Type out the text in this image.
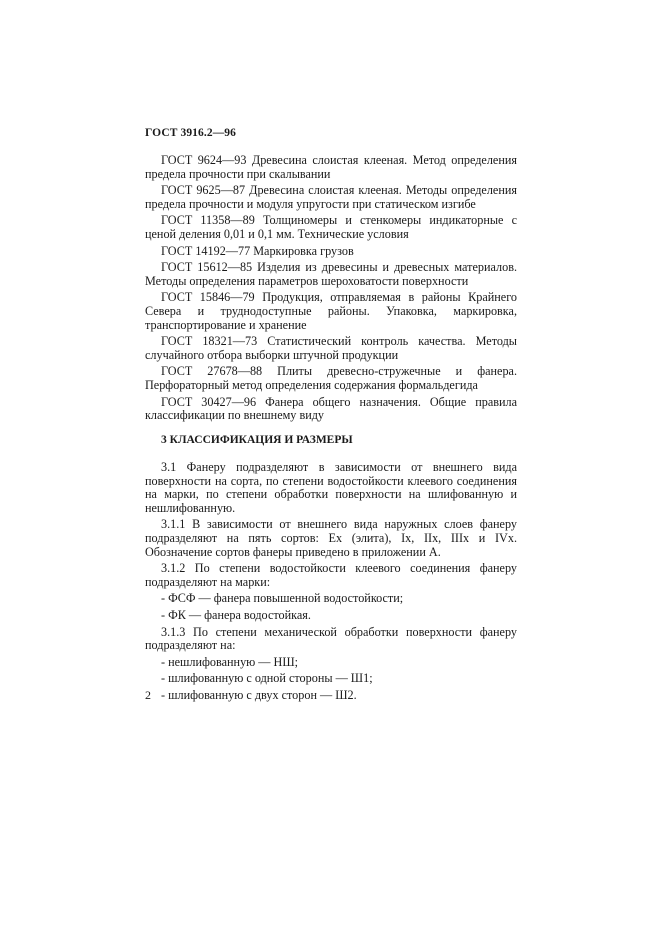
ГОСТ 3916.2—96

ГОСТ 9624—93 Древесина слоистая клееная. Метод определения предела прочности при скалывании

ГОСТ 9625—87 Древесина слоистая клееная. Методы определения предела прочности и модуля упругости при статическом изгибе

ГОСТ 11358—89 Толщиномеры и стенкомеры индикаторные с ценой деления 0,01 и 0,1 мм. Технические условия

ГОСТ 14192—77 Маркировка грузов

ГОСТ 15612—85 Изделия из древесины и древесных материалов. Методы определения параметров шероховатости поверхности

ГОСТ 15846—79 Продукция, отправляемая в районы Крайнего Севера и труднодоступные районы. Упаковка, маркировка, транспортирование и хранение

ГОСТ 18321—73 Статистический контроль качества. Методы случайного отбора выборки штучной продукции

ГОСТ 27678—88 Плиты древесно-стружечные и фанера. Перфораторный метод определения содержания формальдегида

ГОСТ 30427—96 Фанера общего назначения. Общие правила классификации по внешнему виду

3 КЛАССИФИКАЦИЯ И РАЗМЕРЫ

3.1 Фанеру подразделяют в зависимости от внешнего вида поверхности на сорта, по степени водостойкости клеевого соединения на марки, по степени обработки поверхности на шлифованную и нешлифованную.

3.1.1 В зависимости от внешнего вида наружных слоев фанеру подразделяют на пять сортов: Ех (элита), Iх, IIх, IIIх и IVх. Обозначение сортов фанеры приведено в приложении А.

3.1.2 По степени водостойкости клеевого соединения фанеру подразделяют на марки:

- ФСФ — фанера повышенной водостойкости;

- ФК — фанера водостойкая.

3.1.3 По степени механической обработки поверхности фанеру подразделяют на:

- нешлифованную — НШ;

- шлифованную с одной стороны — Ш1;

- шлифованную с двух сторон — Ш2.

2
